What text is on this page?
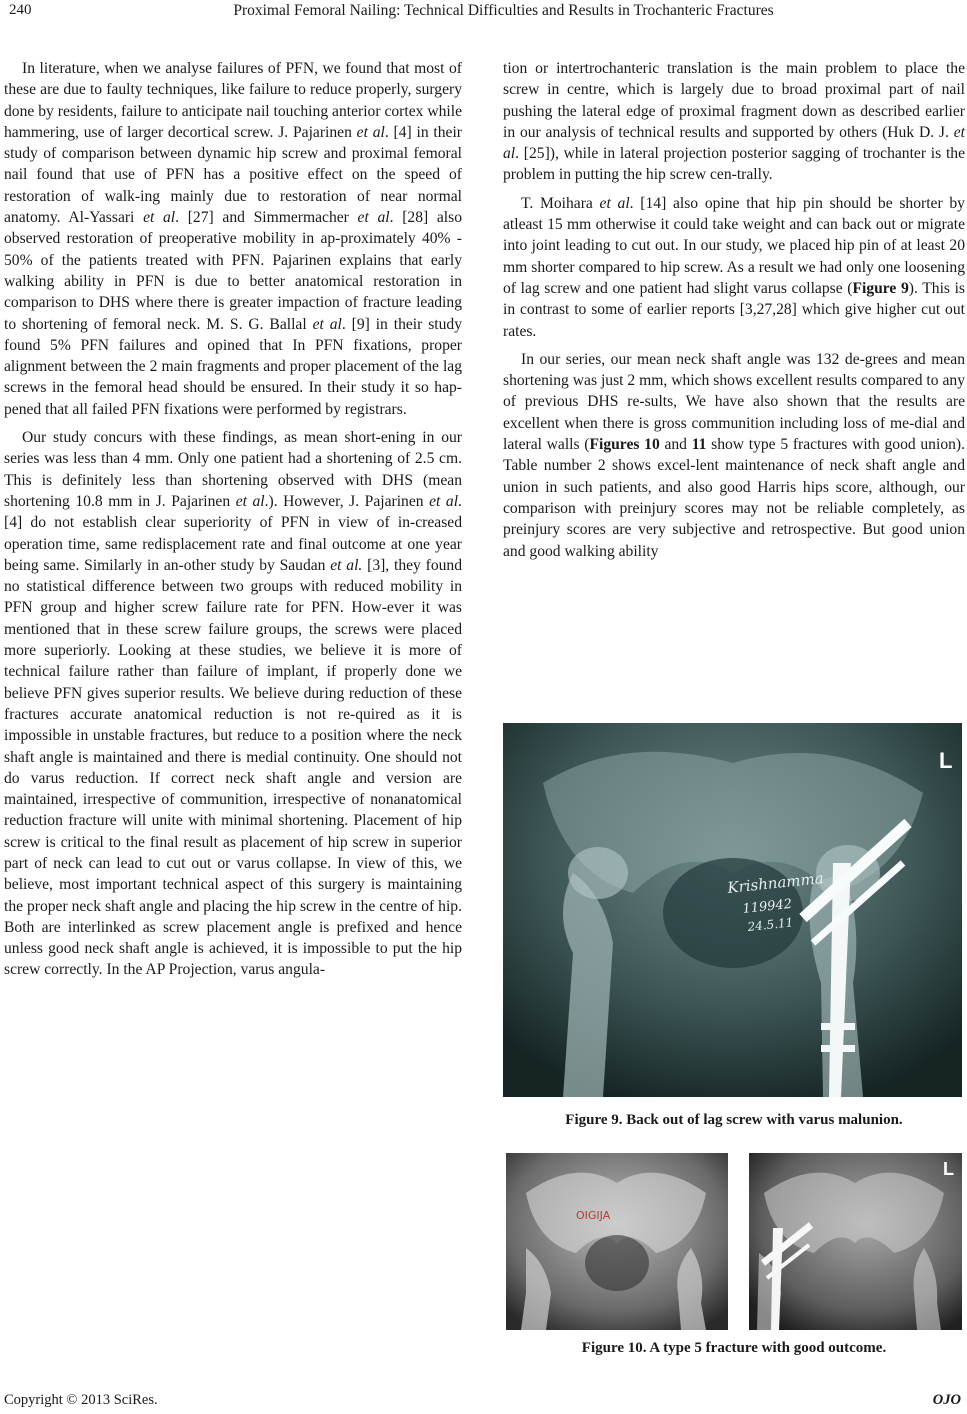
240	Proximal Femoral Nailing: Technical Difficulties and Results in Trochanteric Fractures

In literature, when we analyse failures of PFN, we found that most of these are due to faulty techniques, like failure to reduce properly, surgery done by residents, failure to anticipate nail touching anterior cortex while hammering, use of larger decortical screw. J. Pajarinen et al. [4] in their study of comparison between dynamic hip screw and proximal femoral nail found that use of PFN has a positive effect on the speed of restoration of walk-ing mainly due to restoration of near normal anatomy. Al-Yassari et al. [27] and Simmermacher et al. [28] also observed restoration of preoperative mobility in ap-proximately 40% - 50% of the patients treated with PFN. Pajarinen explains that early walking ability in PFN is due to better anatomical restoration in comparison to DHS where there is greater impaction of fracture leading to shortening of femoral neck. M. S. G. Ballal et al. [9] in their study found 5% PFN failures and opined that In PFN fixations, proper alignment between the 2 main fragments and proper placement of the lag screws in the femoral head should be ensured. In their study it so hap-pened that all failed PFN fixations were performed by registrars.

Our study concurs with these findings, as mean short-ening in our series was less than 4 mm. Only one patient had a shortening of 2.5 cm. This is definitely less than shortening observed with DHS (mean shortening 10.8 mm in J. Pajarinen et al.). However, J. Pajarinen et al. [4] do not establish clear superiority of PFN in view of in-creased operation time, same redisplacement rate and final outcome at one year being same. Similarly in an-other study by Saudan et al. [3], they found no statistical difference between two groups with reduced mobility in PFN group and higher screw failure rate for PFN. How-ever it was mentioned that in these screw failure groups, the screws were placed more superiorly. Looking at these studies, we believe it is more of technical failure rather than failure of implant, if properly done we believe PFN gives superior results. We believe during reduction of these fractures accurate anatomical reduction is not re-quired as it is impossible in unstable fractures, but reduce to a position where the neck shaft angle is maintained and there is medial continuity. One should not do varus reduction. If correct neck shaft angle and version are maintained, irrespective of communition, irrespective of nonanatomical reduction fracture will unite with minimal shortening. Placement of hip screw is critical to the final result as placement of hip screw in superior part of neck can lead to cut out or varus collapse. In view of this, we believe, most important technical aspect of this surgery is maintaining the proper neck shaft angle and placing the hip screw in the centre of hip. Both are interlinked as screw placement angle is prefixed and hence unless good neck shaft angle is achieved, it is impossible to put the hip screw correctly. In the AP Projection, varus angula-

tion or intertrochanteric translation is the main problem to place the screw in centre, which is largely due to broad proximal part of nail pushing the lateral edge of proximal fragment down as described earlier in our analysis of technical results and supported by others (Huk D. J. et al. [25]), while in lateral projection posterior sagging of trochanter is the problem in putting the hip screw cen-trally.

T. Moihara et al. [14] also opine that hip pin should be shorter by atleast 15 mm otherwise it could take weight and can back out or migrate into joint leading to cut out. In our study, we placed hip pin of at least 20 mm shorter compared to hip screw. As a result we had only one loosening of lag screw and one patient had slight varus collapse (Figure 9). This is in contrast to some of earlier reports [3,27,28] which give higher cut out rates.

In our series, our mean neck shaft angle was 132 de-grees and mean shortening was just 2 mm, which shows excellent results compared to any of previous DHS re-sults, We have also shown that the results are excellent when there is gross communition including loss of me-dial and lateral walls (Figures 10 and 11 show type 5 fractures with good union). Table number 2 shows excel-lent maintenance of neck shaft angle and union in such patients, and also good Harris hips score, although, our comparison with preinjury scores may not be reliable completely, as preinjury scores are very subjective and retrospective. But good union and good walking ability

L
Krishnamma
119942
24.5.11
Figure 9. Back out of lag screw with varus malunion.
OIGIJA
L
Figure 10. A type 5 fracture with good outcome.
Copyright © 2013 SciRes.	OJO
